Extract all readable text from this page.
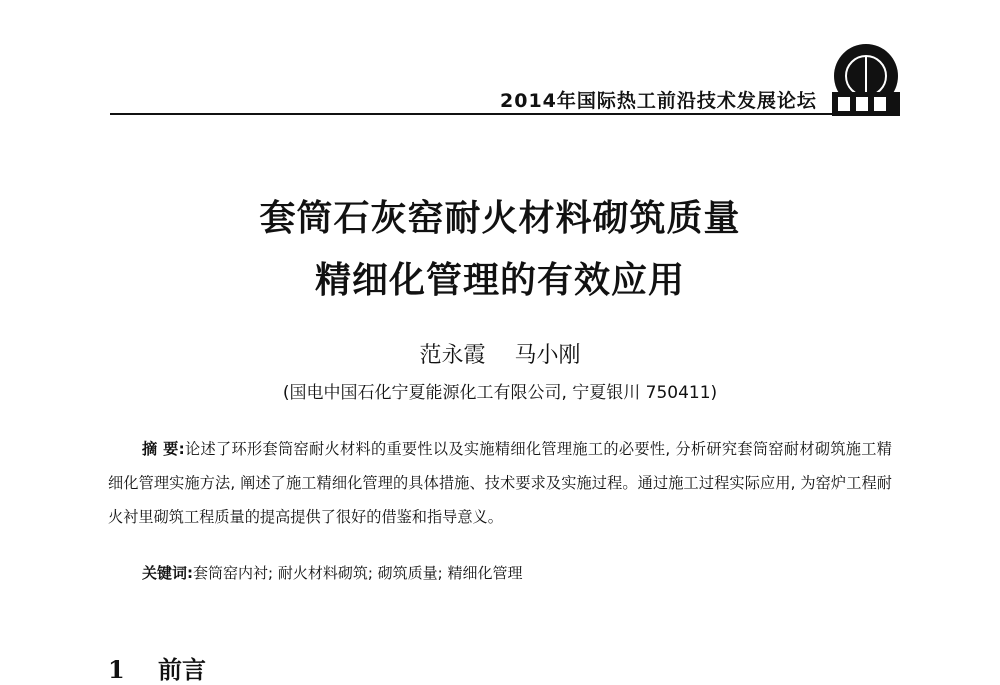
2014年国际热工前沿技术发展论坛
套筒石灰窑耐火材料砌筑质量
精细化管理的有效应用
范永霞 马小刚
(国电中国石化宁夏能源化工有限公司, 宁夏银川 750411)
摘 要:论述了环形套筒窑耐火材料的重要性以及实施精细化管理施工的必要性, 分析研究套筒窑耐材砌筑施工精细化管理实施方法, 阐述了施工精细化管理的具体措施、技术要求及实施过程。通过施工过程实际应用, 为窑炉工程耐火衬里砌筑工程质量的提高提供了很好的借鉴和指导意义。
关键词:套筒窑内衬; 耐火材料砌筑; 砌筑质量; 精细化管理
1 前言
